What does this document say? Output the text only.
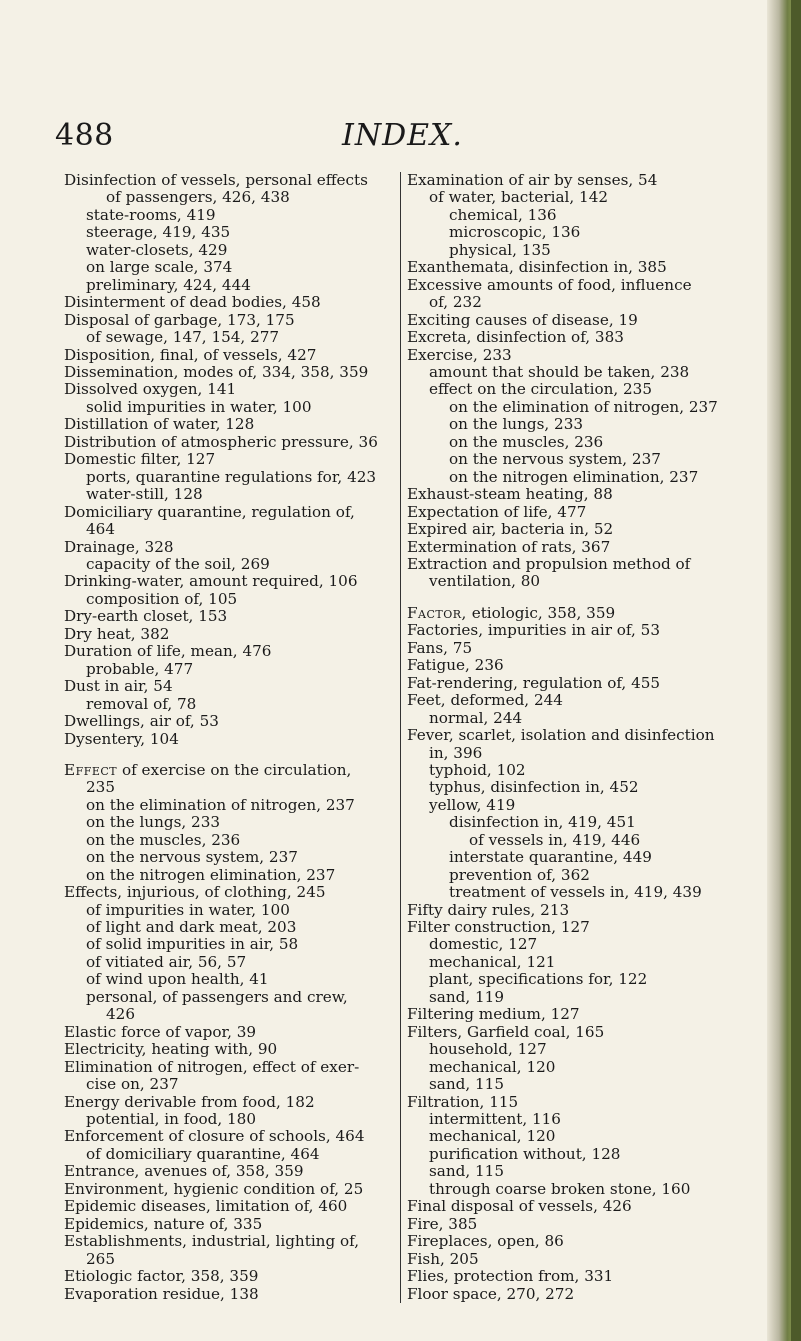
488	INDEX.
Disinfection of vessels, personal effects
of passengers, 426, 438
state-rooms, 419
steerage, 419, 435
water-closets, 429
on large scale, 374
preliminary, 424, 444
Disinterment of dead bodies, 458
Disposal of garbage, 173, 175
of sewage, 147, 154, 277
Disposition, final, of vessels, 427
Dissemination, modes of, 334, 358, 359
Dissolved oxygen, 141
solid impurities in water, 100
Distillation of water, 128
Distribution of atmospheric pressure, 36
Domestic filter, 127
ports, quarantine regulations for, 423
water-still, 128
Domiciliary quarantine, regulation of,
464
Drainage, 328
capacity of the soil, 269
Drinking-water, amount required, 106
composition of, 105
Dry-earth closet, 153
Dry heat, 382
Duration of life, mean, 476
probable, 477
Dust in air, 54
removal of, 78
Dwellings, air of, 53
Dysentery, 104
Effect of exercise on the circulation,
235
on the elimination of nitrogen, 237
on the lungs, 233
on the muscles, 236
on the nervous system, 237
on the nitrogen elimination, 237
Effects, injurious, of clothing, 245
of impurities in water, 100
of light and dark meat, 203
of solid impurities in air, 58
of vitiated air, 56, 57
of wind upon health, 41
personal, of passengers and crew,
426
Elastic force of vapor, 39
Electricity, heating with, 90
Elimination of nitrogen, effect of exer-
cise on, 237
Energy derivable from food, 182
potential, in food, 180
Enforcement of closure of schools, 464
of domiciliary quarantine, 464
Entrance, avenues of, 358, 359
Environment, hygienic condition of, 25
Epidemic diseases, limitation of, 460
Epidemics, nature of, 335
Establishments, industrial, lighting of,
265
Etiologic factor, 358, 359
Evaporation residue, 138
Examination of air by senses, 54
of water, bacterial, 142
chemical, 136
microscopic, 136
physical, 135
Exanthemata, disinfection in, 385
Excessive amounts of food, influence
of, 232
Exciting causes of disease, 19
Excreta, disinfection of, 383
Exercise, 233
amount that should be taken, 238
effect on the circulation, 235
on the elimination of nitrogen, 237
on the lungs, 233
on the muscles, 236
on the nervous system, 237
on the nitrogen elimination, 237
Exhaust-steam heating, 88
Expectation of life, 477
Expired air, bacteria in, 52
Extermination of rats, 367
Extraction and propulsion method of
ventilation, 80
Factor, etiologic, 358, 359
Factories, impurities in air of, 53
Fans, 75
Fatigue, 236
Fat-rendering, regulation of, 455
Feet, deformed, 244
normal, 244
Fever, scarlet, isolation and disinfection
in, 396
typhoid, 102
typhus, disinfection in, 452
yellow, 419
disinfection in, 419, 451
of vessels in, 419, 446
interstate quarantine, 449
prevention of, 362
treatment of vessels in, 419, 439
Fifty dairy rules, 213
Filter construction, 127
domestic, 127
mechanical, 121
plant, specifications for, 122
sand, 119
Filtering medium, 127
Filters, Garfield coal, 165
household, 127
mechanical, 120
sand, 115
Filtration, 115
intermittent, 116
mechanical, 120
purification without, 128
sand, 115
through coarse broken stone, 160
Final disposal of vessels, 426
Fire, 385
Fireplaces, open, 86
Fish, 205
Flies, protection from, 331
Floor space, 270, 272
